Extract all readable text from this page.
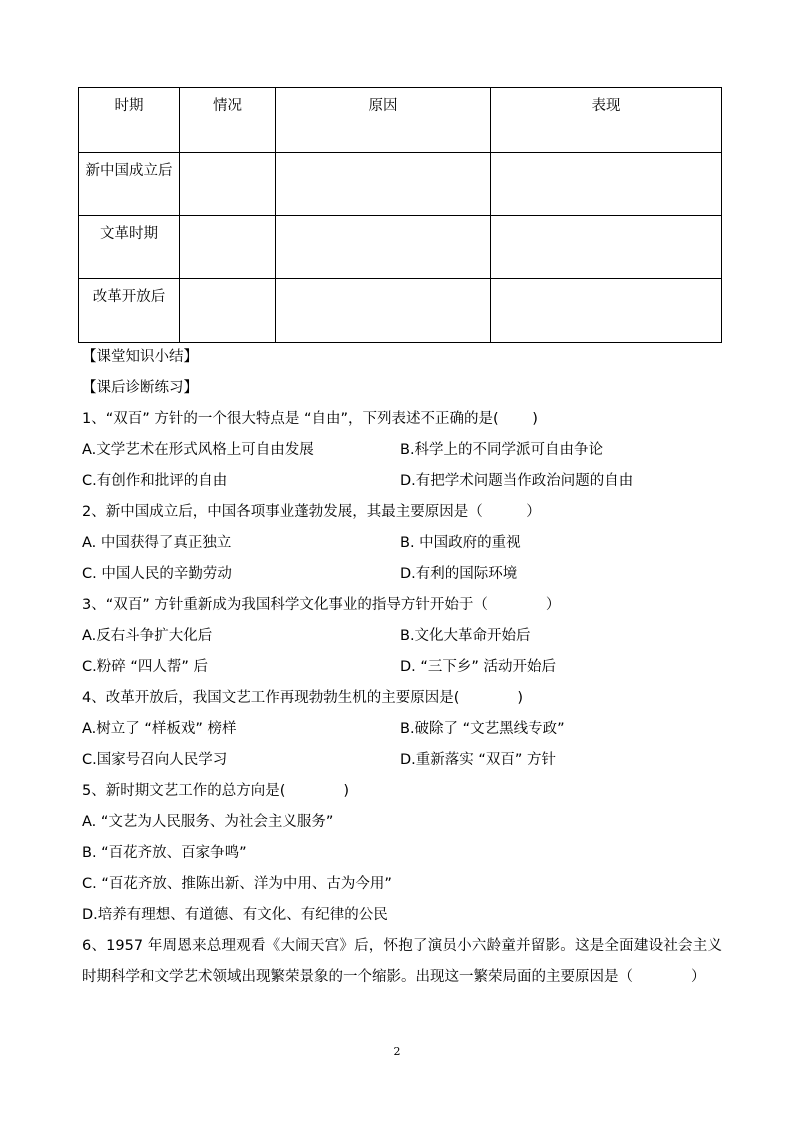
时期	情况	原因	表现
新中国成立后			
文革时期			
改革开放后			
【课堂知识小结】
【课后诊断练习】
1、“双百” 方针的一个很大特点是 “自由”，下列表述不正确的是(　　 )
A.文学艺术在形式风格上可自由发展	B.科学上的不同学派可自由争论
C.有创作和批评的自由	D.有把学术问题当作政治问题的自由
2、新中国成立后，中国各项事业蓬勃发展，其最主要原因是（　　　）
A. 中国获得了真正独立	B. 中国政府的重视
C. 中国人民的辛勤劳动	D.有利的国际环境
3、“双百” 方针重新成为我国科学文化事业的指导方针开始于（　　　　）
A.反右斗争扩大化后	B.文化大革命开始后
C.粉碎 “四人帮” 后	D. “三下乡” 活动开始后
4、改革开放后，我国文艺工作再现勃勃生机的主要原因是(　　　　)
A.树立了 “样板戏” 榜样	B.破除了 “文艺黑线专政”
C.国家号召向人民学习	D.重新落实 “双百” 方针
5、新时期文艺工作的总方向是(　　　　)
A. “文艺为人民服务、为社会主义服务”
B. “百花齐放、百家争鸣”
C. “百花齐放、推陈出新、洋为中用、古为今用”
D.培养有理想、有道德、有文化、有纪律的公民
6、1957 年周恩来总理观看《大闹天宫》后，怀抱了演员小六龄童并留影。这是全面建设社会主义时期科学和文学艺术领域出现繁荣景象的一个缩影。出现这一繁荣局面的主要原因是（　　　　）
2
